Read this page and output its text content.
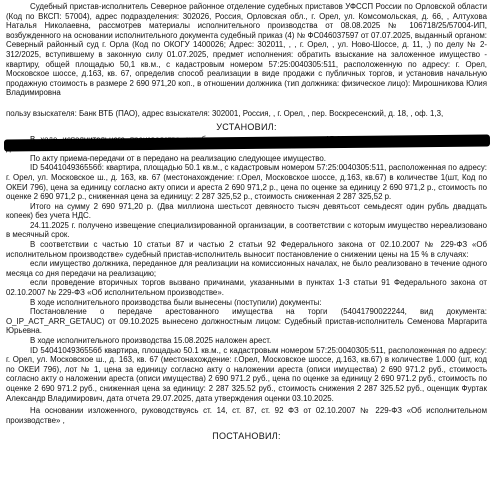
Судебный пристав-исполнитель Северное районное отделение судебных приставов УФССП России по Орловской области (Код по ВКСП: 57004), адрес подразделения: 302026, Россия, Орловская обл., г. Орел, ул. Комсомольская, д. 66, , Алтухова Наталья Николаевна, рассмотрев материалы исполнительного производства от 08.08.2025 № 106718/25/57004-ИП, возбужденного на основании исполнительного документа судебный приказ (4) № ФС046037597 от 07.07.2025, выданный органом: Северный районный суд г. Орла (Код по ОКОГУ 1400026; Адрес: 302011, , , г. Орел, , ул. Ново-Шоссе, д. 11, ,) по делу № 2-312/2025, вступившему в законную силу 01.07.2025, предмет исполнения: обратить взыскание на заложенное имущество - квартиру, общей площадью 50,1 кв.м., с кадастровым номером 57:25:0040305:511, расположенную по адресу: г. Орел, Московское шоссе, д.163, кв. 67, определив способ реализации в виде продажи с публичных торгов, и установив начальную продажную стоимость в размере 2 690 971,20 коп., в отношении должника (тип должника: физическое лицо): Мирошникова Юлия Владимировна

пользу взыскателя: Банк ВТБ (ПАО), адрес взыскателя: 302001, Россия, , г. Орел, , пер. Воскресенский, д. 18, , оф. 1,3,

УСТАНОВИЛ:

По акту приема-передачи от в передано на реализацию следующее имущество.

ID 5404104936556б: квартира, площадью 50.1 кв.м., с кадастровым номером 57:25:0040305:511, расположенная по адресу: г. Орел, ул. Московское ш., д. 163, кв. 67 (местонахождение: г.Орел, Московское шоссе, д.163, кв.67) в количестве 1(шт, Код по ОКЕИ 796), цена за единицу согласно акту описи и ареста 2 690 971,2 р., цена по оценке за единицу 2 690 971,2 р., стоимость по оценке 2 690 971,2 р., сниженная цена за единицу: 2 287 325,52 р., стоимость сниженная 2 287 325,52 р.

Итого на сумму 2 690 971,20 р. (Два миллиона шестьсот девяносто тысяч девятьсот семьдесят один рубль двадцать копеек) без учета НДС.

24.11.2025 г. получено извещение специализированной организации, в соответствии с которым имущество нереализовано в месячный срок.

В соответствии с частью 10 статьи 87 и частью 2 статьи 92 Федерального закона от 02.10.2007 № 229-ФЗ «Об исполнительном производстве» судебный пристав-исполнитель выносит постановление о снижении цены на 15 % в случаях:

если имущество должника, переданное для реализации на комиссионных началах, не было реализовано в течение одного месяца со дня передачи на реализацию;

если проведение вторичных торгов вызвано причинами, указанными в пунктах 1-3 статьи 91 Федерального закона от 02.10.2007 № 229-ФЗ «Об исполнительном производстве».

В ходе исполнительного производства были вынесены (поступили) документы:

Постановление о передаче арестованного имущества на торги (54041790022244, вид документа: O_IP_ACT_ARR_GETAUC) от 09.10.2025 вынесено должностным лицом: Судебный пристав-исполнитель Семенова Маргарита Юрьевна.

В ходе исполнительного производства 15.08.2025 наложен арест.

ID 5404104936556б квартира, площадью 50.1 кв.м., с кадастровым номером 57:25:0040305:511, расположенная по адресу: г. Орел, ул. Московское ш., д. 163, кв. 67 (местонахождение: г.Орел, Московское шоссе, д.163, кв.67) в количестве 1.000 (шт, код по ОКЕИ 796), лот № 1, цена за единицу согласно акту о наложении ареста (описи имущества) 2 690 971.2 руб., стоимость согласно акту о наложении ареста (описи имущества) 2 690 971.2 руб., цена по оценке за единицу 2 690 971.2 руб., стоимость по оценке 2 690 971.2 руб., сниженная цена за единицу: 2 287 325.52 руб., стоимость снижения 2 287 325.52 руб., оценщик Фуртак Александр Владимирович, дата отчета 29.07.2025, дата утверждения оценки 03.10.2025.

На основании изложенного, руководствуясь ст. 14, ст. 87, ст. 92 ФЗ от 02.10.2007 № 229-ФЗ «Об исполнительном производстве» ,

ПОСТАНОВИЛ:
